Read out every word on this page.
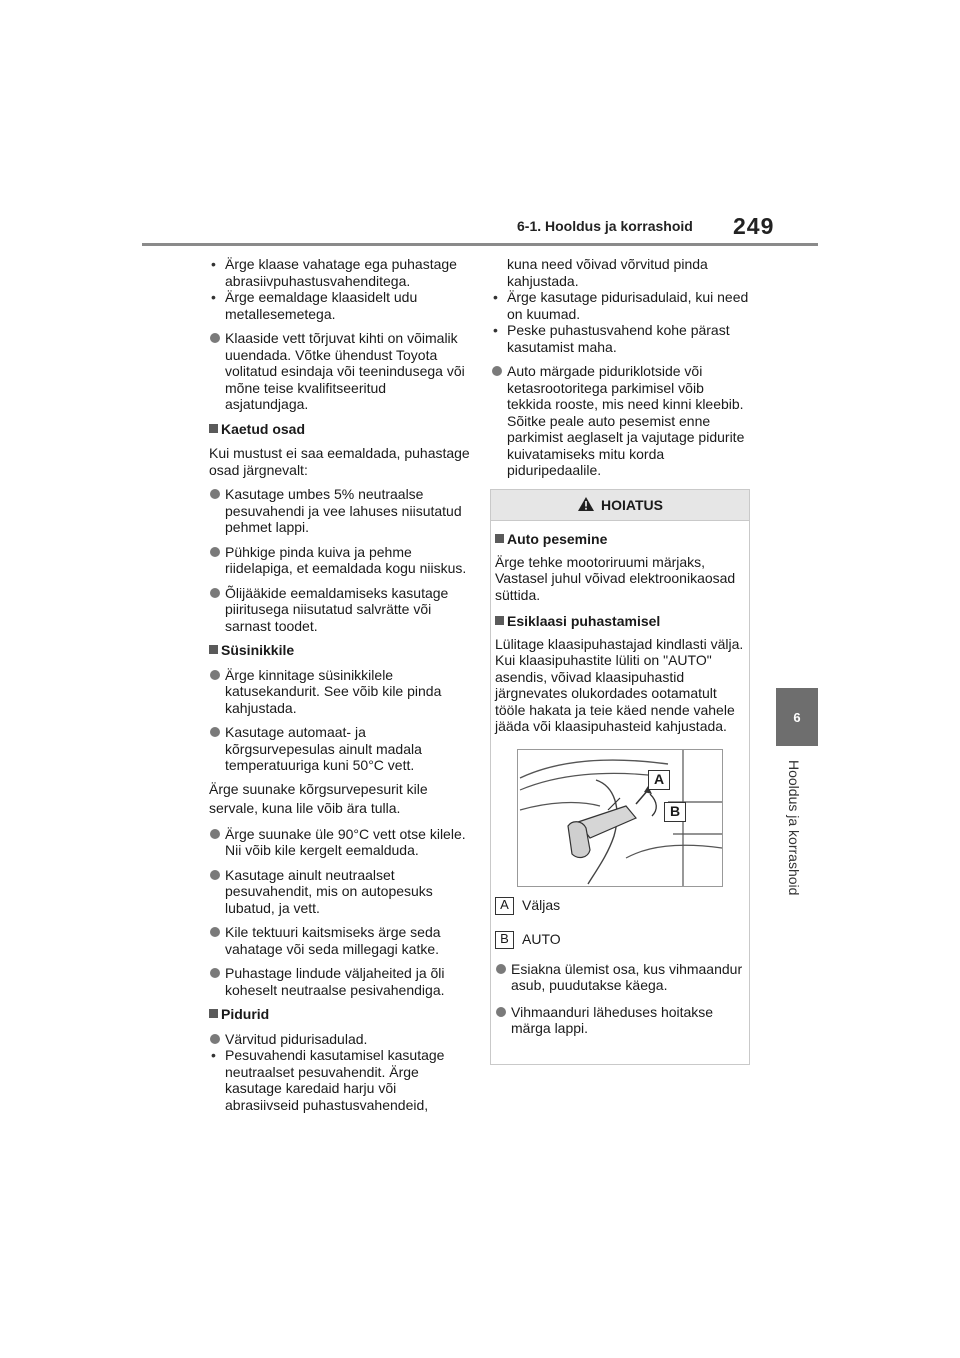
6-1. Hooldus ja korrashoid 249
6
Hooldus ja korrashoid
• Ärge klaase vahatage ega puhastage abrasiivpuhastusvahenditega.
• Ärge eemaldage klaasidelt udu metallesemetega.
Klaaside vett tõrjuvat kihti on võimalik uuendada. Võtke ühendust Toyota volitatud esindaja või teenindusega või mõne teise kvalifitseeritud asjatundjaga.
Kaetud osad
Kui mustust ei saa eemaldada, puhastage osad järgnevalt:
Kasutage umbes 5% neutraalse pesuvahendi ja vee lahuses niisutatud pehmet lappi.
Pühkige pinda kuiva ja pehme riidelapiga, et eemaldada kogu niiskus.
Õlijääkide eemaldamiseks kasutage piiritusega niisutatud salvrätte või sarnast toodet.
Süsinikkile
Ärge kinnitage süsinikkilele katusekandurit. See võib kile pinda kahjustada.
Kasutage automaat- ja kõrgsurvepesulas ainult madala temperatuuriga kuni 50°C vett.
Ärge suunake kõrgsurvepesurit kile servale, kuna lile võib ära tulla.
Ärge suunake üle 90°C vett otse kilele. Nii võib kile kergelt eemalduda.
Kasutage ainult neutraalset pesuvahendit, mis on autopesuks lubatud, ja vett.
Kile tektuuri kaitsmiseks ärge seda vahatage või seda millegagi katke.
Puhastage lindude väljaheited ja õli koheselt neutraalse pesivahendiga.
Pidurid
Värvitud pidurisadulad.
• Pesuvahendi kasutamisel kasutage neutraalset pesuvahendit. Ärge kasutage karedaid harju või abrasiivseid puhastusvahendeid,
kuna need võivad võrvitud pinda kahjustada.
• Ärge kasutage pidurisadulaid, kui need on kuumad.
• Peske puhastusvahend kohe pärast kasutamist maha.
Auto märgade piduriklotside või ketasrootoritega parkimisel võib tekkida rooste, mis need kinni kleebib. Sõitke peale auto pesemist enne parkimist aeglaselt ja vajutage pidurite kuivatamiseks mitu korda piduripedaalile.
HOIATUS
Auto pesemine
Ärge tehke mootoriruumi märjaks, Vastasel juhul võivad elektroonikaosad süttida.
Esiklaasi puhastamisel
Lülitage klaasipuhastajad kindlasti välja. Kui klaasipuhastite lüliti on "AUTO" asendis, võivad klaasipuhastid järgnevates olukordades ootamatult tööle hakata ja teie käed nende vahele jääda või klaasipuhasteid kahjustada.
A
B
A Väljas
B AUTO
Esiakna ülemist osa, kus vihmaandur asub, puudutakse käega.
Vihmaanduri läheduses hoitakse märga lappi.
